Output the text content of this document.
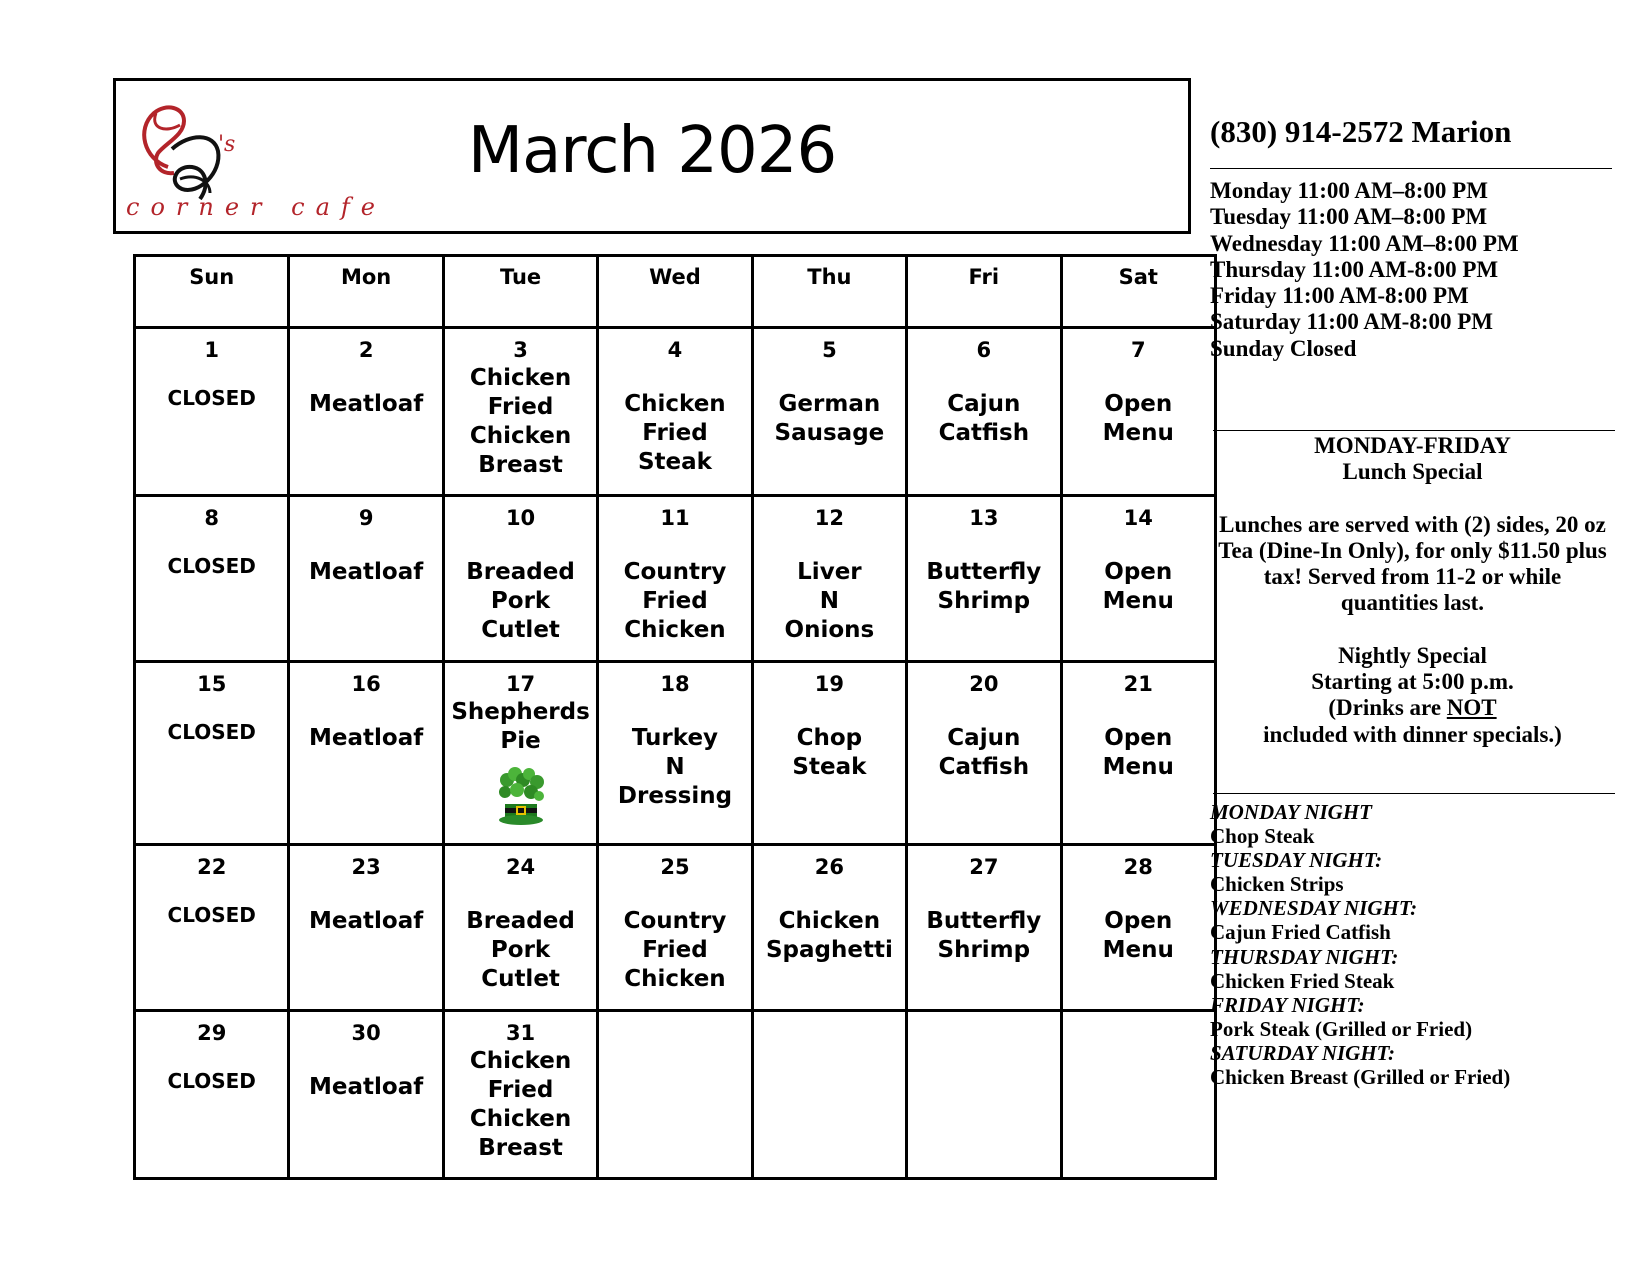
's
corner cafe
March 2026
Sun	Mon	Tue	Wed	Thu	Fri	Sat

1
CLOSED	2
Meatloaf	3
Chicken
Fried
Chicken
Breast	4
Chicken
Fried
Steak	5
German
Sausage	6
Cajun
Catfish	7
Open
Menu

8
CLOSED	9
Meatloaf	10
Breaded
Pork
Cutlet	11
Country
Fried
Chicken	12
Liver
N
Onions	13
Butterfly
Shrimp	14
Open
Menu

15
CLOSED	16
Meatloaf	17
Shepherds
Pie	18
Turkey
N
Dressing	19
Chop
Steak	20
Cajun
Catfish	21
Open
Menu

22
CLOSED	23
Meatloaf	24
Breaded
Pork
Cutlet	25
Country
Fried
Chicken	26
Chicken
Spaghetti	27
Butterfly
Shrimp	28
Open
Menu

29
CLOSED	30
Meatloaf	31
Chicken
Fried
Chicken
Breast				

(830) 914-2572 Marion
Monday 11:00 AM–8:00 PM
Tuesday 11:00 AM–8:00 PM
Wednesday 11:00 AM–8:00 PM
Thursday 11:00 AM-8:00 PM
Friday 11:00 AM-8:00 PM
Saturday 11:00 AM-8:00 PM
Sunday Closed
MONDAY-FRIDAY
Lunch Special
Lunches are served with (2) sides, 20 oz Tea (Dine-In Only), for only $11.50 plus tax! Served from 11-2 or while quantities last.
Nightly Special
Starting at 5:00 p.m.
(Drinks are NOT
included with dinner specials.)
MONDAY NIGHT
Chop Steak
TUESDAY NIGHT:
Chicken Strips
WEDNESDAY NIGHT:
Cajun Fried Catfish
THURSDAY NIGHT:
Chicken Fried Steak
FRIDAY NIGHT:
Pork Steak (Grilled or Fried)
SATURDAY NIGHT:
Chicken Breast (Grilled or Fried)
